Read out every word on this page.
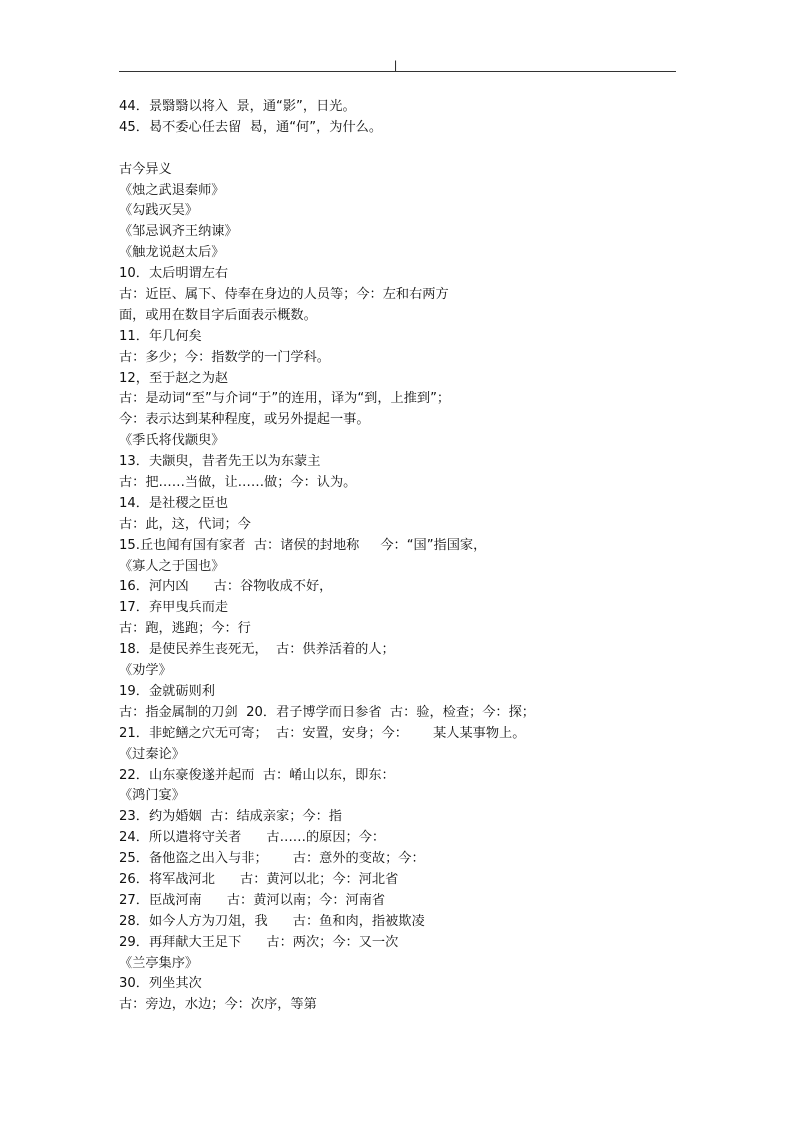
|
44．景翳翳以将入  景，通“影”，日光。
45．曷不委心任去留  曷，通“何”，为什么。
古今异义
《烛之武退秦师》
《勾践灭吴》
《邹忌讽齐王纳谏》
《触龙说赵太后》
10．太后明谓左右
古：近臣、属下、侍奉在身边的人员等；今：左和右两方
面，或用在数目字后面表示概数。
11．年几何矣
古：多少；今：指数学的一门学科。
12，至于赵之为赵
古：是动词“至”与介词“于”的连用，译为“到，上推到”；
今：表示达到某种程度，或另外提起一事。
《季氏将伐颛臾》
13．夫颛臾，昔者先王以为东蒙主
古：把……当做，让……做；今：认为。
14．是社稷之臣也
古：此，这，代词；今
15.丘也闻有国有家者  古：诸侯的封地称     今：“国”指国家，
《寡人之于国也》
16．河内凶      古：谷物收成不好，
17．弃甲曳兵而走
古：跑，逃跑；今：行
18．是使民养生丧死无，  古：供养活着的人；
《劝学》
19．金就砺则利
古：指金属制的刀剑  20．君子博学而日参省  古：验，检查；今：探；
21．非蛇鳝之穴无可寄；  古：安置，安身；今：      某人某事物上。
《过秦论》
22．山东豪俊遂并起而  古：崤山以东，即东：
《鸿门宴》
23．约为婚姻  古：结成亲家；今：指
24．所以遣将守关者      古……的原因；今：
25．备他盗之出入与非；      古：意外的变故；今：
26．将军战河北      古：黄河以北；今：河北省
27．臣战河南      古：黄河以南；今：河南省
28．如今人方为刀俎，我      古：鱼和肉，指被欺凌
29．再拜献大王足下      古：两次；今：又一次
《兰亭集序》
30．列坐其次
古：旁边，水边；今：次序，等第
